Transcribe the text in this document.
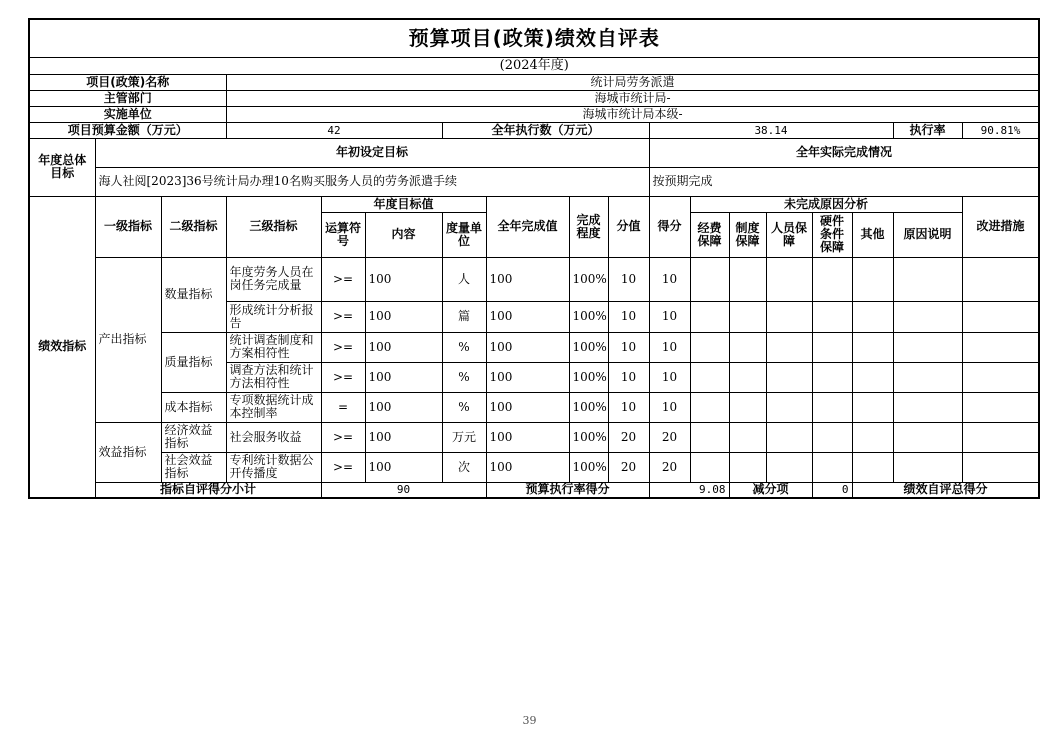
预算项目(政策)绩效自评表																		
(2024年度)																		
项目(政策)名称			统计局劳务派遣															
主管部门			海城市统计局-															
实施单位			海城市统计局本级-															
项目预算金额（万元）			42			全年执行数（万元）				38.14						执行率	90.81%	
年度总体目标	年初设定目标									全年实际完成情况								
	海人社阅[2023]36号统计局办理10名购买服务人员的劳务派遣手续									按预期完成								
绩效指标	一级指标	二级指标	三级指标	年度目标值			全年完成值	完成程度	分值	得分	未完成原因分析						改进措施	
				运算符号	内容	度量单位					经费保障	制度保障	人员保障	硬件条件保障	其他	原因说明		
	产出指标	数量指标	年度劳务人员在岗任务完成量	>=	100	人	100	100%	10	10								
			形成统计分析报告	>=	100	篇	100	100%	10	10								
		质量指标	统计调查制度和方案相符性	>=	100	%	100	100%	10	10								
			调查方法和统计方法相符性	>=	100	%	100	100%	10	10								
		成本指标	专项数据统计成本控制率	=	100	%	100	100%	10	10								
	效益指标	经济效益指标	社会服务收益	>=	100	万元	100	100%	20	20								
		社会效益指标	专利统计数据公开传播度	>=	100	次	100	100%	20	20								
	指标自评得分小计			90			预算执行率得分			9.08		减分项		0	绩效自评总得分	
39
